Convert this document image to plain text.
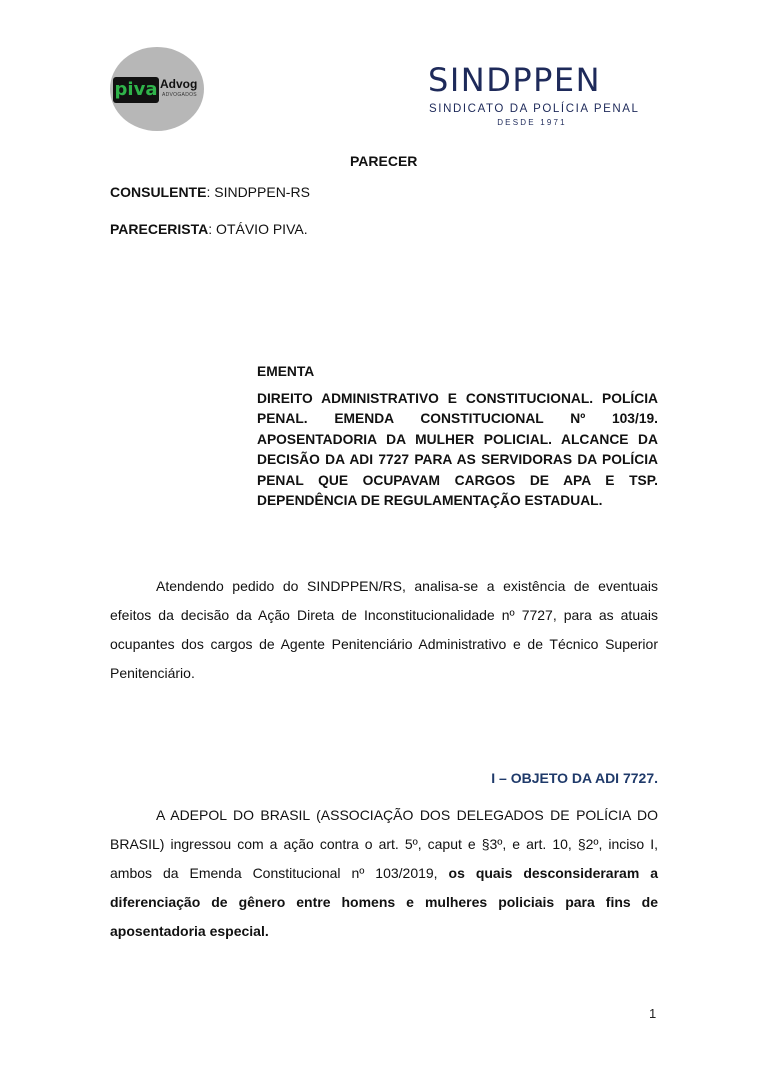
piva Advog
ADVOGADOS	SINDPPEN
SINDICATO DA POLÍCIA PENAL
DESDE 1971
PARECER
CONSULENTE: SINDPPEN-RS
PARECERISTA: OTÁVIO PIVA.
EMENTA
DIREITO ADMINISTRATIVO E CONSTITUCIONAL. POLÍCIA PENAL. EMENDA CONSTITUCIONAL Nº 103/19. APOSENTADORIA DA MULHER POLICIAL. ALCANCE DA DECISÃO DA ADI 7727 PARA AS SERVIDORAS DA POLÍCIA PENAL QUE OCUPAVAM CARGOS DE APA E TSP. DEPENDÊNCIA DE REGULAMENTAÇÃO ESTADUAL.
Atendendo pedido do SINDPPEN/RS, analisa-se a existência de eventuais efeitos da decisão da Ação Direta de Inconstitucionalidade nº 7727, para as atuais ocupantes dos cargos de Agente Penitenciário Administrativo e de Técnico Superior Penitenciário.
I – OBJETO DA ADI 7727.
A ADEPOL DO BRASIL (ASSOCIAÇÃO DOS DELEGADOS DE POLÍCIA DO BRASIL) ingressou com a ação contra o art. 5º, caput e §3º, e art. 10, §2º, inciso I, ambos da Emenda Constitucional nº 103/2019, os quais desconsideraram a diferenciação de gênero entre homens e mulheres policiais para fins de aposentadoria especial.
1
